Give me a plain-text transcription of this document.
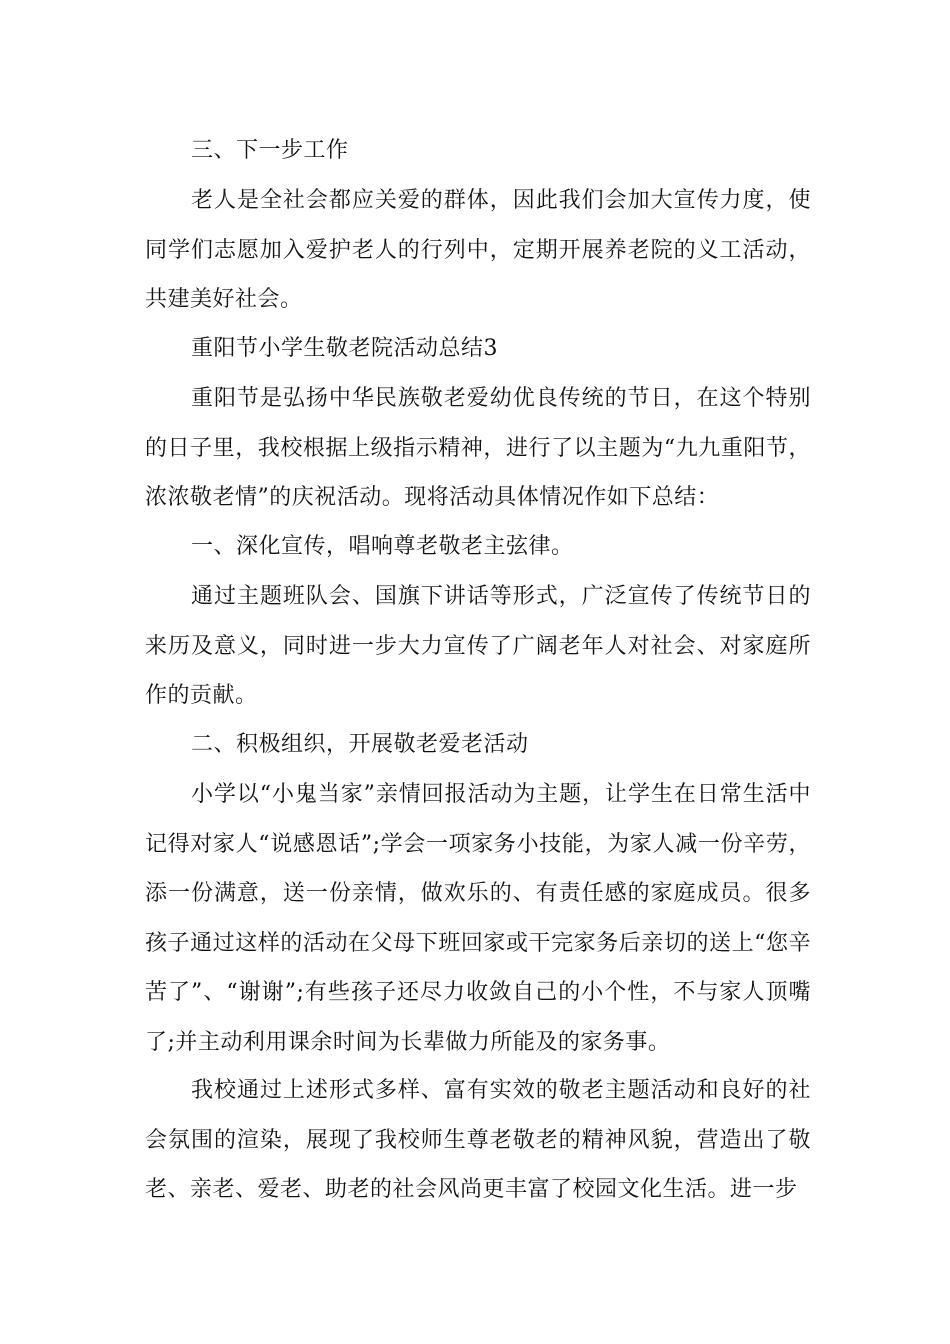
三、下一步工作

老人是全社会都应关爱的群体，因此我们会加大宣传力度，使同学们志愿加入爱护老人的行列中，定期开展养老院的义工活动，共建美好社会。

重阳节小学生敬老院活动总结3

重阳节是弘扬中华民族敬老爱幼优良传统的节日，在这个特别的日子里，我校根据上级指示精神，进行了以主题为“九九重阳节，浓浓敬老情”的庆祝活动。现将活动具体情况作如下总结：

一、深化宣传，唱响尊老敬老主弦律。

通过主题班队会、国旗下讲话等形式，广泛宣传了传统节日的来历及意义，同时进一步大力宣传了广阔老年人对社会、对家庭所作的贡献。

二、积极组织，开展敬老爱老活动

小学以“小鬼当家”亲情回报活动为主题，让学生在日常生活中记得对家人“说感恩话”;学会一项家务小技能，为家人减一份辛劳，添一份满意，送一份亲情，做欢乐的、有责任感的家庭成员。很多孩子通过这样的活动在父母下班回家或干完家务后亲切的送上“您辛苦了”、“谢谢”;有些孩子还尽力收敛自己的小个性，不与家人顶嘴了;并主动利用课余时间为长辈做力所能及的家务事。

我校通过上述形式多样、富有实效的敬老主题活动和良好的社会氛围的渲染，展现了我校师生尊老敬老的精神风貌，营造出了敬老、亲老、爱老、助老的社会风尚更丰富了校园文化生活。进一步
